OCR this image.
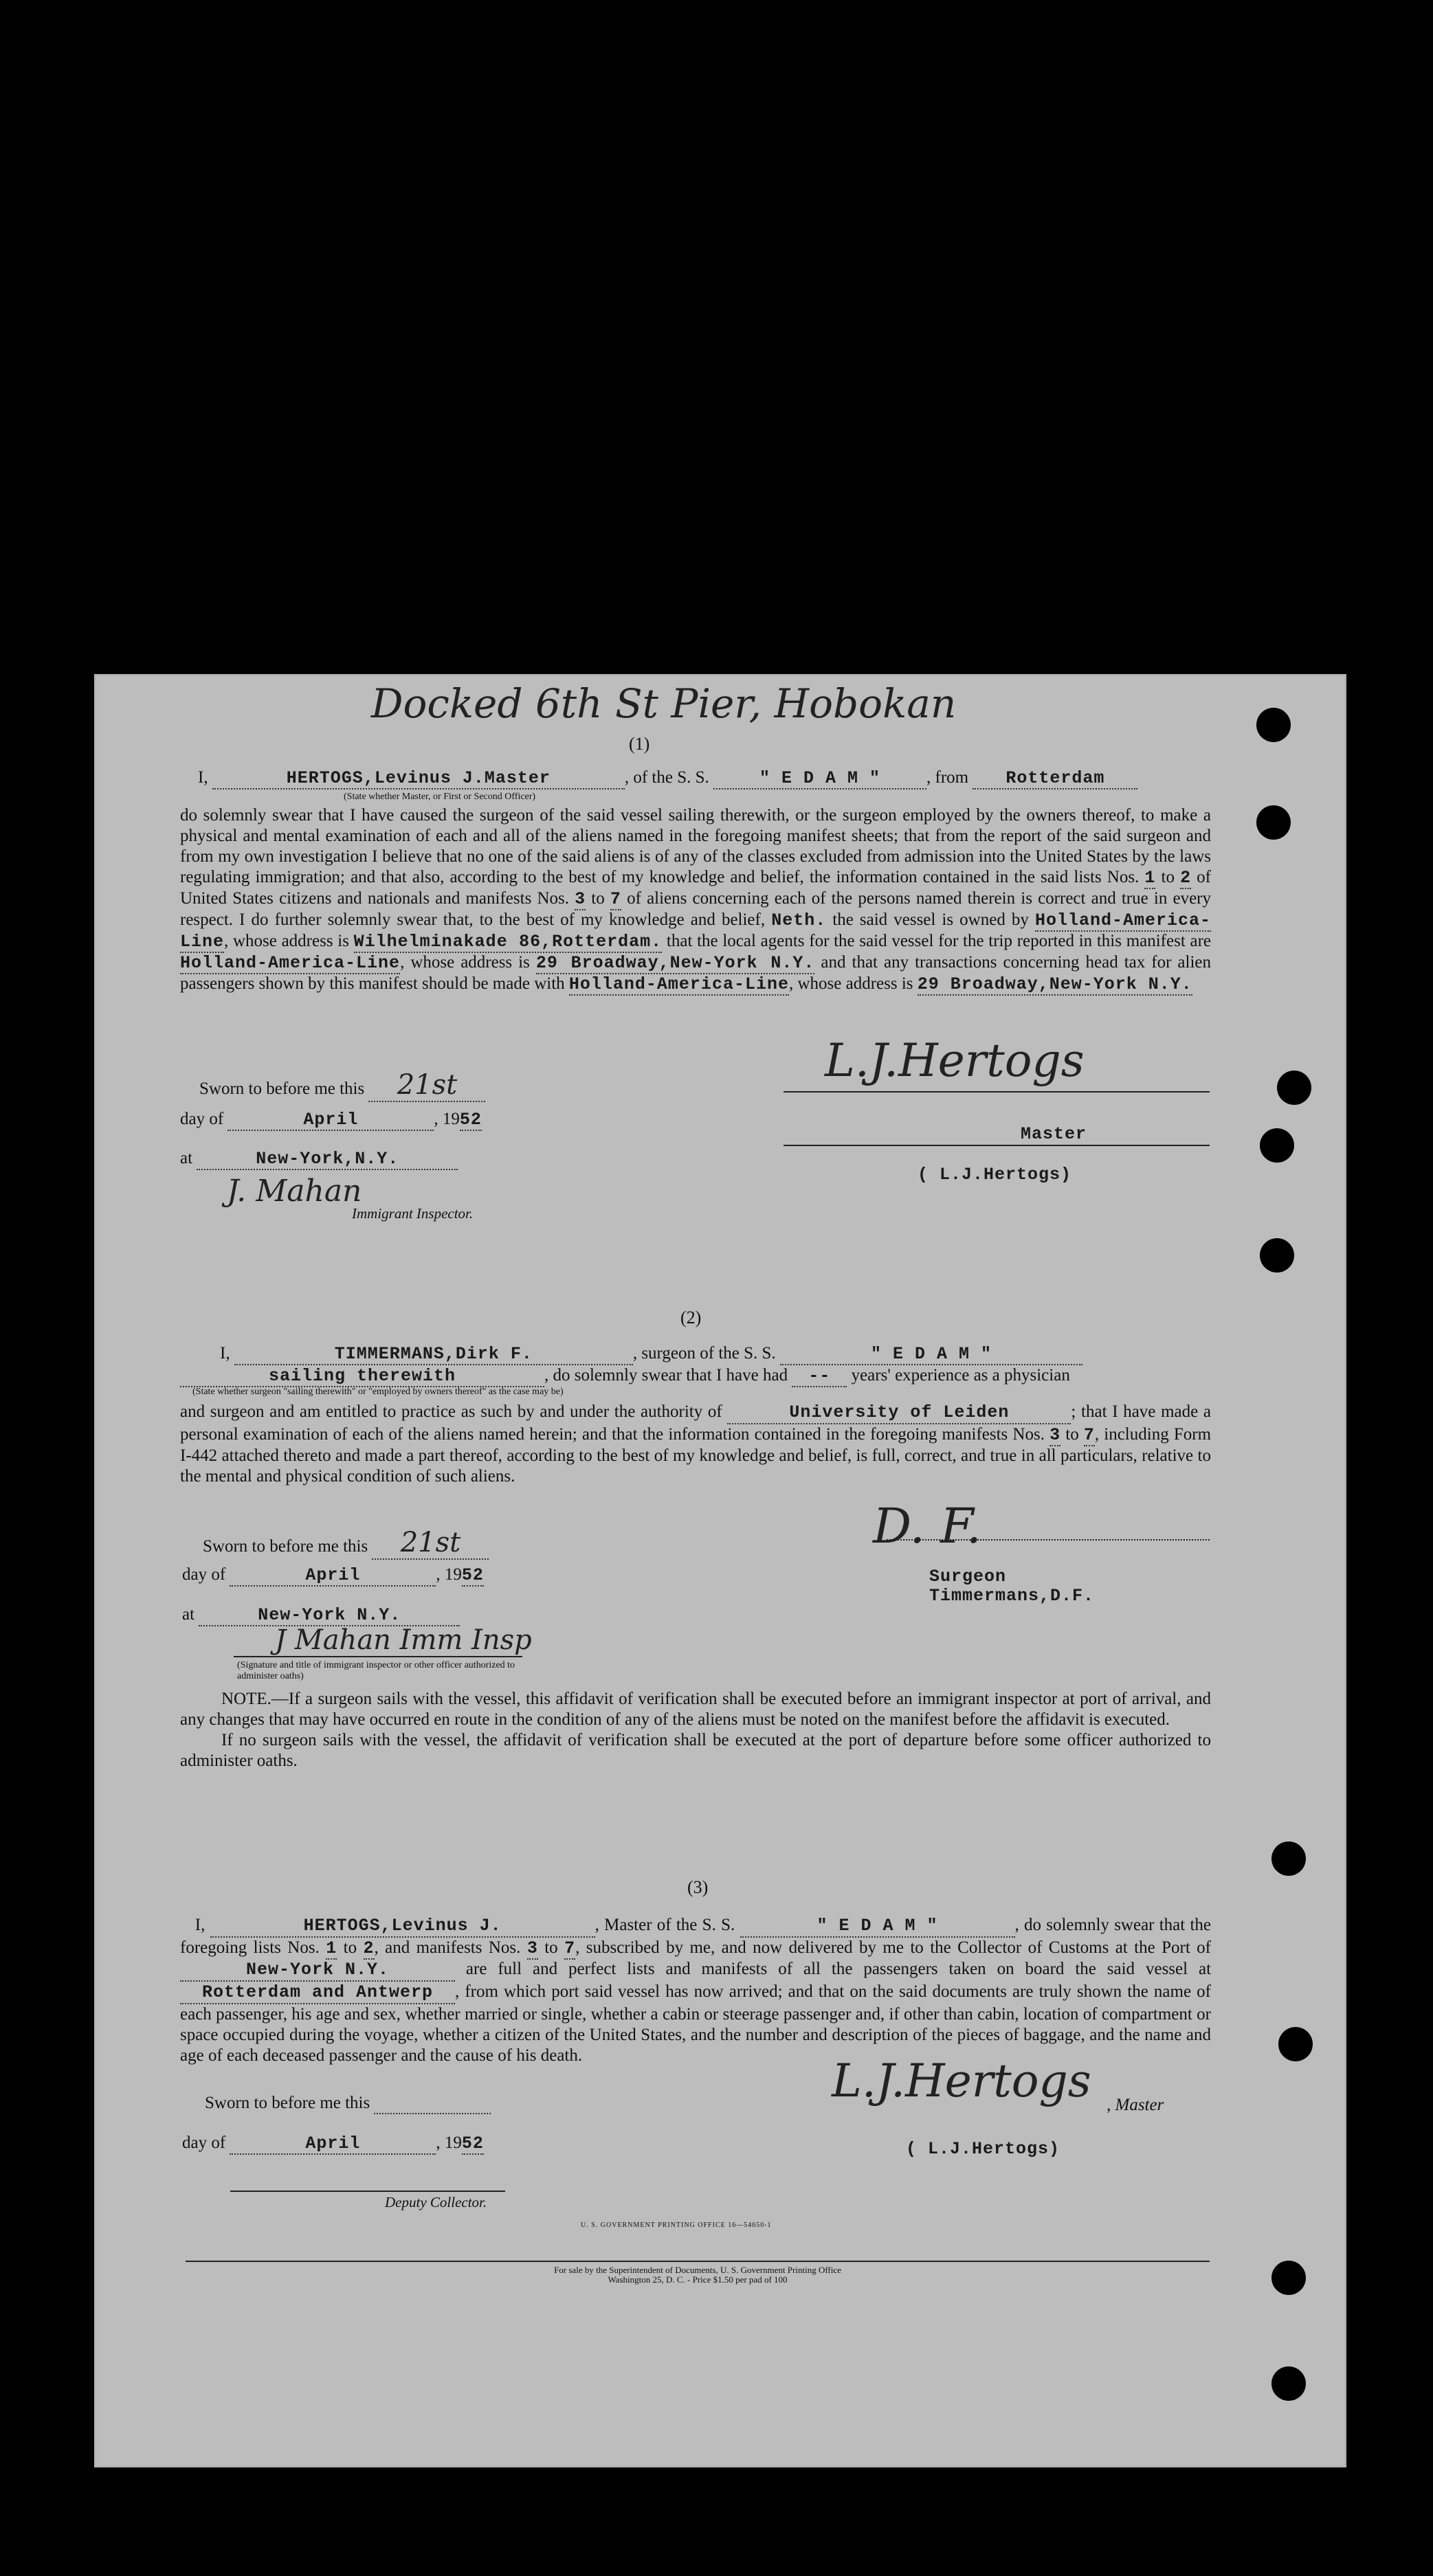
Docked 6th St Pier, Hobokan
(1)
I,	HERTOGS,Levinus J.Master	, of the S. S.	" E D A M "	, from Rotterdam
(State whether Master, or First or Second Officer)

do solemnly swear that I have caused the surgeon of the said vessel sailing therewith, or the surgeon employed by the owners thereof, to make a physical and mental examination of each and all of the aliens named in the foregoing manifest sheets; that from the report of the said surgeon and from my own investigation I believe that no one of the said aliens is of any of the classes excluded from admission into the United States by the laws regulating immigration; and that also, according to the best of my knowledge and belief, the information contained in the said lists Nos. 1 to 2 of United States citizens and nationals and manifests Nos. 3 to 7 of aliens concerning each of the persons named therein is correct and true in every respect. I do further solemnly swear that, to the best of my knowledge and belief, Neth. the said vessel is owned by Holland-America-Line, whose address is Wilhelminakade 86,Rotterdam. that the local agents for the said vessel for the trip reported in this manifest are Holland-America-Line, whose address is 29 Broadway,New-York N.Y. and that any transactions concerning head tax for alien passengers shown by this manifest should be made with Holland-America-Line, whose address is 29 Broadway,New-York N.Y.

Sworn to before me this 21st
day of	April	, 1952
at	New-York,N.Y.
J. Mahan
Immigrant Inspector.
L.J.Hertogs
Master
( L.J.Hertogs)
(2)
I,	TIMMERMANS,Dirk F.	, surgeon of the S. S.	" E D A M "
sailing therewith	, do solemnly swear that I have had -- years' experience as a physician
(State whether surgeon "sailing therewith" or "employed by owners thereof" as the case may be)

and surgeon and am entitled to practice as such by and under the authority of	University of Leiden	; that I have made a personal examination of each of the aliens named herein; and that the information contained in the foregoing manifests Nos. 3 to 7, including Form I-442 attached thereto and made a part thereof, according to the best of my knowledge and belief, is full, correct, and true in all particulars, relative to the mental and physical condition of such aliens.

Sworn to before me this 21st
day of	April	, 1952
at	New-York N.Y.
J Mahan Imm Insp
(Signature and title of immigrant inspector or other officer authorized to administer oaths)
D. F.
Surgeon
Timmermans,D.F.

NOTE.—If a surgeon sails with the vessel, this affidavit of verification shall be executed before an immigrant inspector at port of arrival, and any changes that may have occurred en route in the condition of any of the aliens must be noted on the manifest before the affidavit is executed.

If no surgeon sails with the vessel, the affidavit of verification shall be executed at the port of departure before some officer authorized to administer oaths.

(3)

I,	HERTOGS,Levinus J.	, Master of the S. S.	" E D A M "	, do solemnly swear that the foregoing lists Nos. 1 to 2, and manifests Nos. 3 to 7, subscribed by me, and now delivered by me to the Collector of Customs at the Port of New-York N.Y.	are full and perfect lists and manifests of all the passengers taken on board the said vessel at Rotterdam and Antwerp , from which port said vessel has now arrived; and that on the said documents are truly shown the name of each passenger, his age and sex, whether married or single, whether a cabin or steerage passenger and, if other than cabin, location of compartment or space occupied during the voyage, whether a citizen of the United States, and the number and description of the pieces of baggage, and the name and age of each deceased passenger and the cause of his death.

Sworn to before me this
day of	April	, 1952
Deputy Collector.
L.J.Hertogs , Master
( L.J.Hertogs)
U. S. GOVERNMENT PRINTING OFFICE 16—54650-1
For sale by the Superintendent of Documents, U. S. Government Printing Office
Washington 25, D. C. - Price $1.50 per pad of 100
